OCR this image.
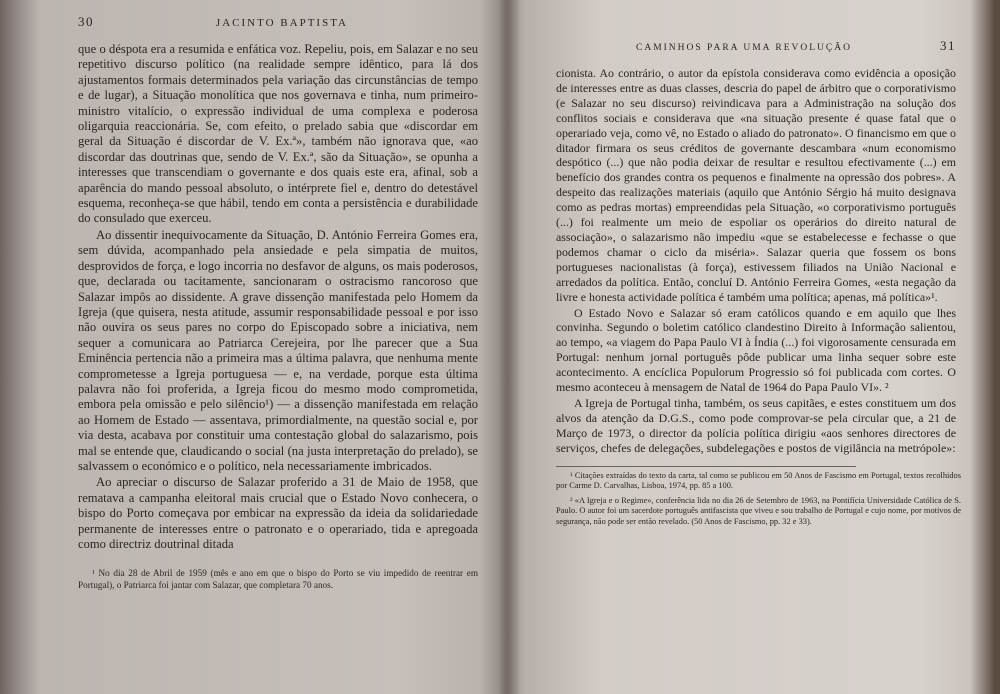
30	JACINTO BAPTISTA

que o déspota era a resumida e enfática voz. Repeliu, pois, em Salazar e no seu repetitivo discurso político (na realidade sempre idêntico, para lá dos ajustamentos formais determinados pela variação das circunstâncias de tempo e de lugar), a Situação monolítica que nos governava e tinha, num primeiro-ministro vitalício, o expressão individual de uma complexa e poderosa oligarquia reaccionária. Se, com efeito, o prelado sabia que «discordar em geral da Situação é discordar de V. Ex.ª», também não ignorava que, «ao discordar das doutrinas que, sendo de V. Ex.ª, são da Situação», se opunha a interesses que transcendiam o governante e dos quais este era, afinal, sob a aparência do mando pessoal absoluto, o intérprete fiel e, dentro do detestável esquema, reconheça-se que hábil, tendo em conta a persistência e durabilidade do consulado que exerceu.

Ao dissentir inequivocamente da Situação, D. António Ferreira Gomes era, sem dúvida, acompanhado pela ansiedade e pela simpatia de muitos, desprovidos de força, e logo incorria no desfavor de alguns, os mais poderosos, que, declarada ou tacitamente, sancionaram o ostracismo rancoroso que Salazar impôs ao dissidente. A grave dissenção manifestada pelo Homem da Igreja (que quisera, nesta atitude, assumir responsabilidade pessoal e por isso não ouvira os seus pares no corpo do Episcopado sobre a iniciativa, nem sequer a comunicara ao Patriarca Cerejeira, por lhe parecer que a Sua Eminência pertencia não a primeira mas a última palavra, que nenhuma mente comprometesse a Igreja portuguesa — e, na verdade, porque esta última palavra não foi proferida, a Igreja ficou do mesmo modo comprometida, embora pela omissão e pelo silêncio¹) — a dissenção manifestada em relação ao Homem de Estado — assentava, primordialmente, na questão social e, por via desta, acabava por constituir uma contestação global do salazarismo, pois mal se entende que, claudicando o social (na justa interpretação do prelado), se salvassem o económico e o político, nela necessariamente imbricados.

Ao apreciar o discurso de Salazar proferido a 31 de Maio de 1958, que rematava a campanha eleitoral mais crucial que o Estado Novo conhecera, o bispo do Porto começava por embicar na expressão da ideia da solidariedade permanente de interesses entre o patronato e o operariado, tida e apregoada como directriz doutrinal ditada

¹ No dia 28 de Abril de 1959 (mês e ano em que o bispo do Porto se viu impedido de reentrar em Portugal), o Patriarca foi jantar com Salazar, que completara 70 anos.

CAMINHOS PARA UMA REVOLUÇÃO	31

cionista. Ao contrário, o autor da epístola considerava como evidência a oposição de interesses entre as duas classes, descria do papel de árbitro que o corporativismo (e Salazar no seu discurso) reivindicava para a Administração na solução dos conflitos sociais e considerava que «na situação presente é quase fatal que o operariado veja, como vê, no Estado o aliado do patronato». O financismo em que o ditador firmara os seus créditos de governante descambara «num economismo despótico (...) que não podia deixar de resultar e resultou efectivamente (...) em benefício dos grandes contra os pequenos e finalmente na opressão dos pobres». A despeito das realizações materiais (aquilo que António Sérgio há muito designava como as pedras mortas) empreendidas pela Situação, «o corporativismo português (...) foi realmente um meio de espoliar os operários do direito natural de associação», o salazarismo não impediu «que se estabelecesse e fechasse o que podemos chamar o ciclo da miséria». Salazar queria que fossem os bons portugueses nacionalistas (à força), estivessem filiados na União Nacional e arredados da política. Então, concluí D. António Ferreira Gomes, «esta negação da livre e honesta actividade política é também uma política; apenas, má política»¹.

O Estado Novo e Salazar só eram católicos quando e em aquilo que lhes convinha. Segundo o boletim católico clandestino Direito à Informação salientou, ao tempo, «a viagem do Papa Paulo VI à Índia (...) foi vigorosamente censurada em Portugal: nenhum jornal português pôde publicar uma linha sequer sobre este acontecimento. A encíclica Populorum Progressio só foi publicada com cortes. O mesmo aconteceu à mensagem de Natal de 1964 do Papa Paulo VI». ²

A Igreja de Portugal tinha, também, os seus capitães, e estes constituem um dos alvos da atenção da D.G.S., como pode comprovar-se pela circular que, a 21 de Março de 1973, o director da polícia política dirigiu «aos senhores directores de serviços, chefes de delegações, subdelegações e postos de vigilância na metrópole»:

¹ Citações extraídas do texto da carta, tal como se publicou em 50 Anos de Fascismo em Portugal, textos recolhidos por Carme D. Carvalhas, Lisboa, 1974, pp. 85 a 100.

² «A Igreja e o Regime», conferência lida no dia 26 de Setembro de 1963, na Pontifícia Universidade Católica de S. Paulo. O autor foi um sacerdote português antifascista que viveu e sou trabalho de Portugal e cujo nome, por motivos de segurança, não pode ser então revelado. (50 Anos de Fascismo, pp. 32 e 33).
